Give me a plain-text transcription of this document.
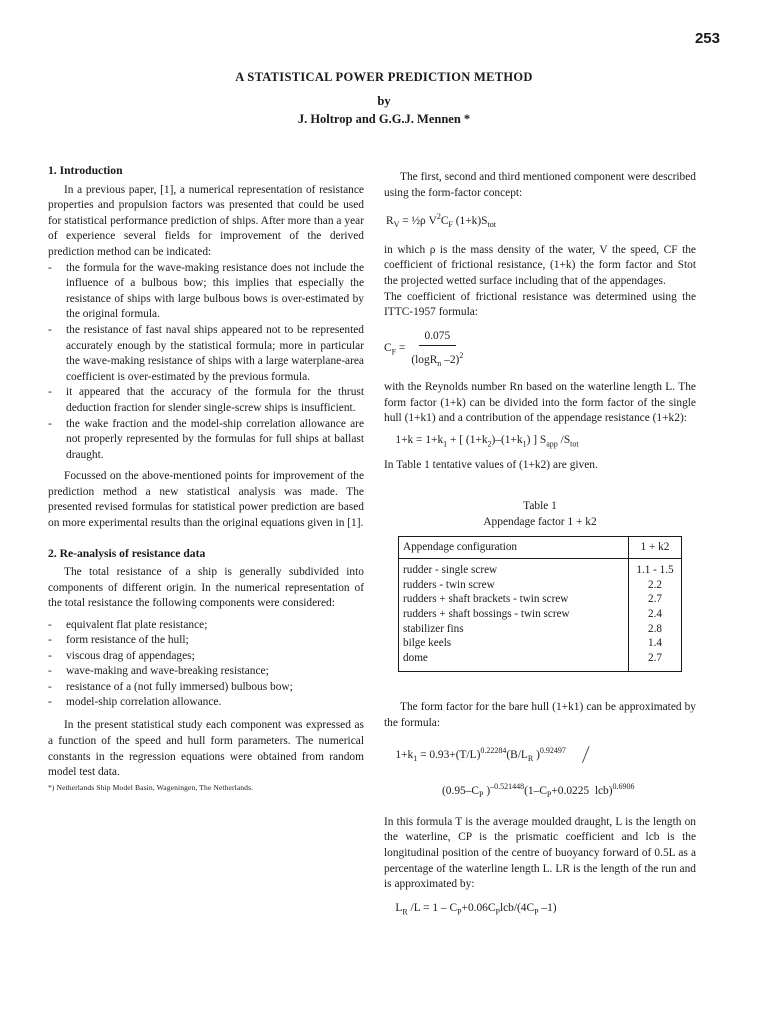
253
A STATISTICAL POWER PREDICTION METHOD
by
J. Holtrop and G.G.J. Mennen *
1. Introduction

In a previous paper, [1], a numerical representation of resistance properties and propulsion factors was presented that could be used for statistical performance prediction of ships. After more than a year of experience several fields for improvement of the derived prediction method can be indicated:

- the formula for the wave-making resistance does not include the influence of a bulbous bow; this implies that especially the resistance of ships with large bulbous bows is over-estimated by the original formula.
- the resistance of fast naval ships appeared not to be represented accurately enough by the statistical formula; more in particular the wave-making resistance of ships with a large waterplane-area coefficient is over-estimated by the previous formula.
- it appeared that the accuracy of the formula for the thrust deduction fraction for slender single-screw ships is insufficient.
- the wake fraction and the model-ship correlation allowance are not properly represented by the formulas for full ships at ballast draught.

Focussed on the above-mentioned points for improvement of the prediction method a new statistical analysis was made. The presented revised formulas for statistical power prediction are based on more experimental results than the original equations given in [1].

2. Re-analysis of resistance data

The total resistance of a ship is generally subdivided into components of different origin. In the numerical representation of the total resistance the following components were considered:

- equivalent flat plate resistance;
- form resistance of the hull;
- viscous drag of appendages;
- wave-making and wave-breaking resistance;
- resistance of a (not fully immersed) bulbous bow;
- model-ship correlation allowance.

In the present statistical study each component was expressed as a function of the speed and hull form parameters. The numerical constants in the regression equations were obtained from random model test data.

*) Netherlands Ship Model Basin, Wageningen, The Netherlands.

The first, second and third mentioned component were described using the form-factor concept:

$R_V$ = ½ρ $V^2C_F$ $(1+k)S_{tot}$

in which ρ is the mass density of the water, V the speed, CF the coefficient of frictional resistance, (1+k) the form factor and Stot the projected wetted surface including that of the appendages.

The coefficient of frictional resistance was determined using the ITTC-1957 formula:

$C_F = \frac{0.075}{(\log R_n -2)^2}$

with the Reynolds number Rn based on the waterline length L. The form factor (1+k) can be divided into the form factor of the single hull (1+k1) and a contribution of the appendage resistance (1+k2):

$1+k = 1+k_1$ + [ $(1+k_2)-(1+k_1)$ ] $S_{app}$ $/S_{tot}$

In Table 1 tentative values of (1+k2) are given.

Table 1
Appendage factor 1 + k2
Appendage configuration	1 + k2
rudder - single screw	1.1 - 1.5
rudders - twin screw	2.2
rudders + shaft brackets - twin screw	2.7
rudders + shaft bossings - twin screw	2.4
stabilizer fins	2.8
bilge keels	1.4
dome	2.7

The form factor for the bare hull (1+k1) can be approximated by the formula:

$1+k_1 = 0.93+(T/L)^{0.22284}(B/L_R$ )$^{0.92497}$
($0.95-C_P$ )$^{-0.521448}(1-C_P+0.0225$  lcb)$^{0.6906}$

In this formula T is the average moulded draught, L is the length on the waterline, CP is the prismatic coefficient and lcb is the longitudinal position of the centre of buoyancy forward of 0.5L as a percentage of the waterline length L. LR is the length of the run and is approximated by:

$L_R$ $/L = 1 - C_P+0.06C_Plcb/(4C_P$ –1)
